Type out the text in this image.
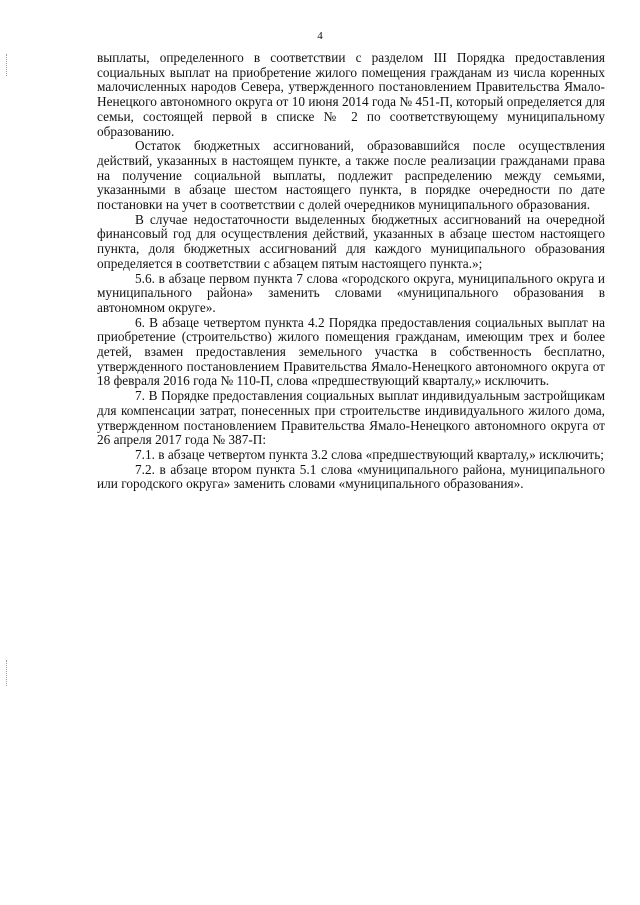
4

выплаты, определенного в соответствии с разделом III Порядка предоставления социальных выплат на приобретение жилого помещения гражданам из числа коренных малочисленных народов Севера, утвержденного постановлением Правительства Ямало-Ненецкого автономного округа от 10 июня 2014 года № 451-П, который определяется для семьи, состоящей первой в списке № 2 по соответствующему муниципальному образованию.

Остаток бюджетных ассигнований, образовавшийся после осуществления действий, указанных в настоящем пункте, а также после реализации гражданами права на получение социальной выплаты, подлежит распределению между семьями, указанными в абзаце шестом настоящего пункта, в порядке очередности по дате постановки на учет в соответствии с долей очередников муниципального образования.

В случае недостаточности выделенных бюджетных ассигнований на очередной финансовый год для осуществления действий, указанных в абзаце шестом настоящего пункта, доля бюджетных ассигнований для каждого муниципального образования определяется в соответствии с абзацем пятым настоящего пункта.»;

5.6. в абзаце первом пункта 7 слова «городского округа, муниципального округа и муниципального района» заменить словами «муниципального образования в автономном округе».

6. В абзаце четвертом пункта 4.2 Порядка предоставления социальных выплат на приобретение (строительство) жилого помещения гражданам, имеющим трех и более детей, взамен предоставления земельного участка в собственность бесплатно, утвержденного постановлением Правительства Ямало-Ненецкого автономного округа от 18 февраля 2016 года № 110-П, слова «предшествующий кварталу,» исключить.

7. В Порядке предоставления социальных выплат индивидуальным застройщикам для компенсации затрат, понесенных при строительстве индивидуального жилого дома, утвержденном постановлением Правительства Ямало-Ненецкого автономного округа от 26 апреля 2017 года № 387-П:

7.1. в абзаце четвертом пункта 3.2 слова «предшествующий кварталу,» исключить;

7.2. в абзаце втором пункта 5.1 слова «муниципального района, муниципального или городского округа» заменить словами «муниципального образования».
